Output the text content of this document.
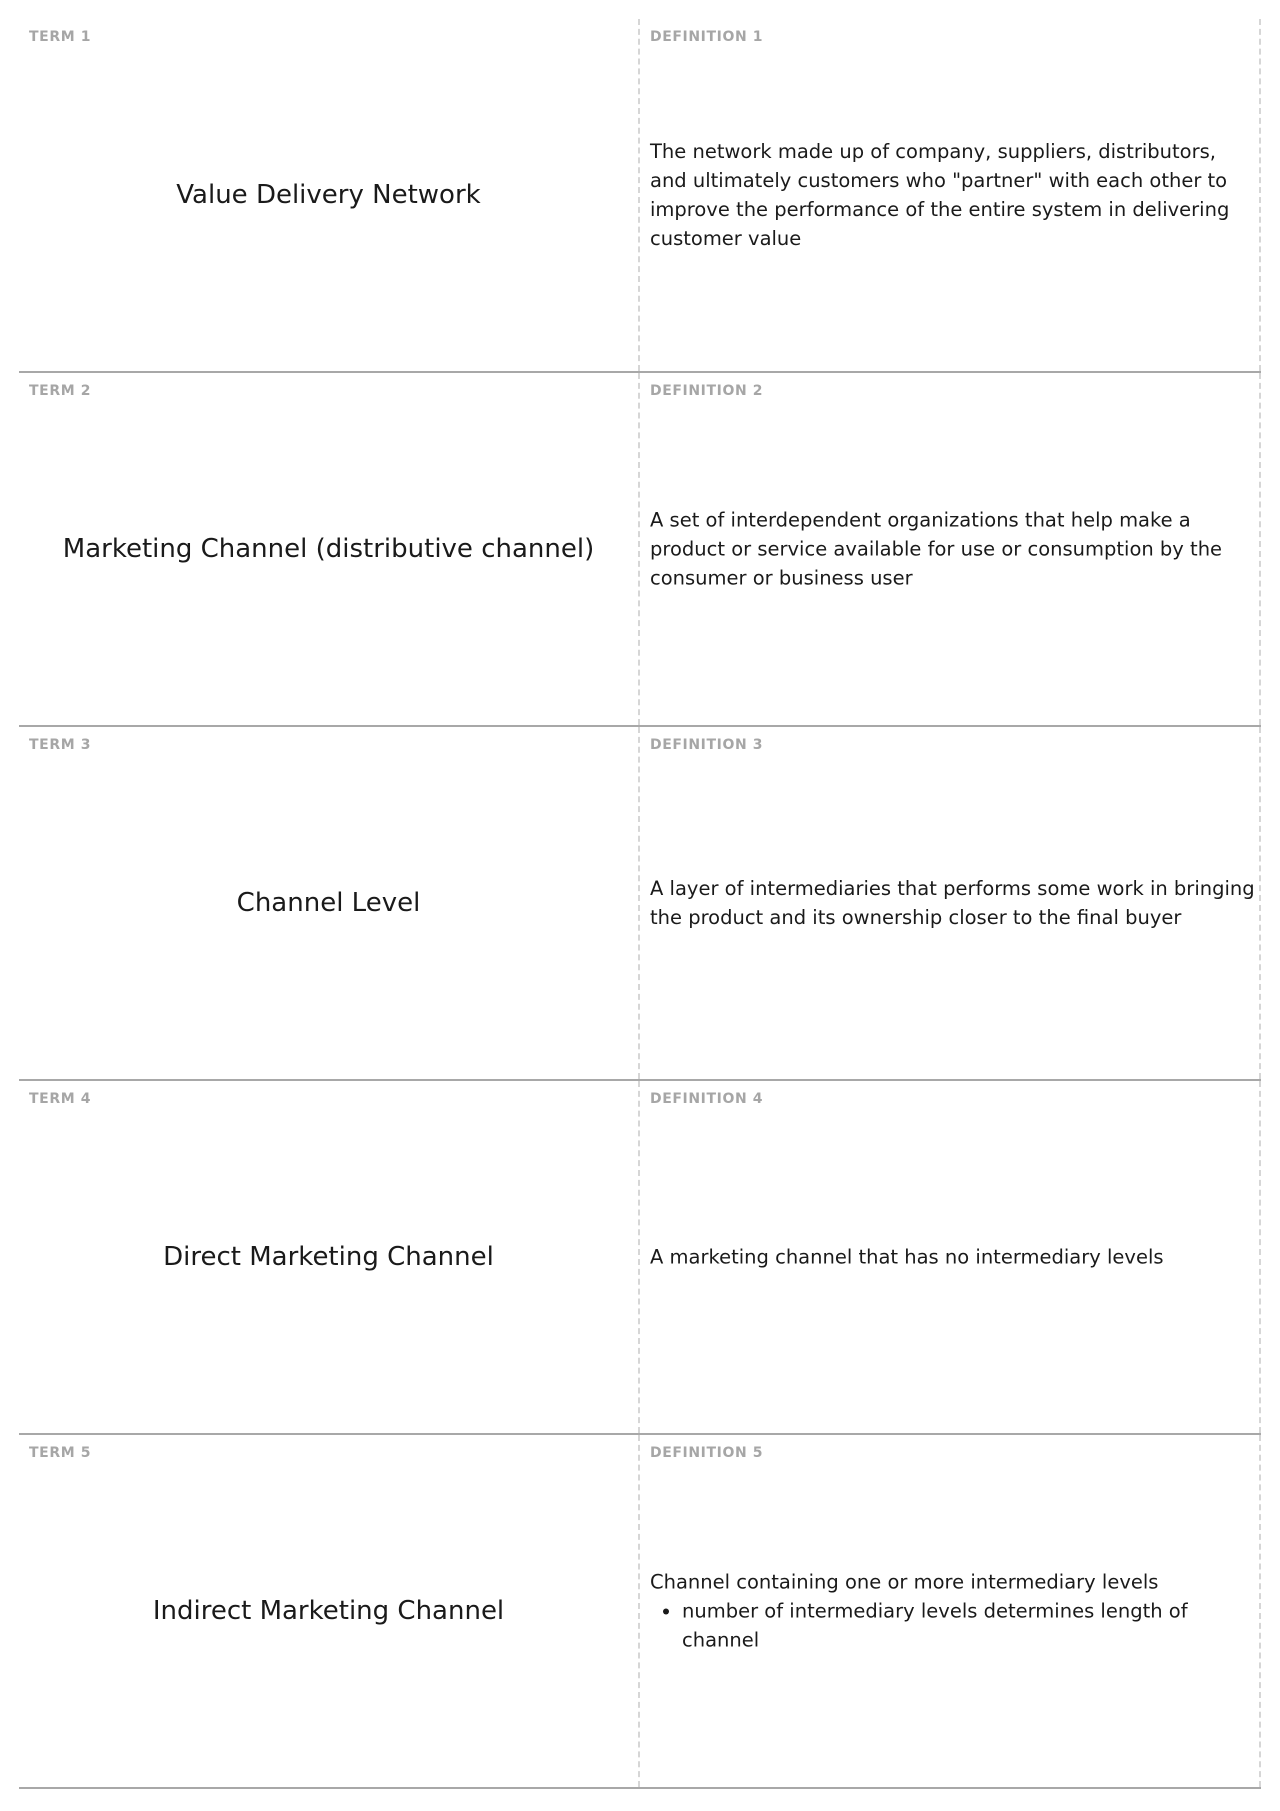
TERM 1
Value Delivery Network
DEFINITION 1

The network made up of company, suppliers, distributors, and ultimately customers who "partner" with each other to improve the performance of the entire system in delivering customer value

TERM 2
Marketing Channel (distributive channel)
DEFINITION 2

A set of interdependent organizations that help make a product or service available for use or consumption by the consumer or business user

TERM 3
Channel Level
DEFINITION 3

A layer of intermediaries that performs some work in bringing the product and its ownership closer to the final buyer

TERM 4
Direct Marketing Channel
DEFINITION 4

A marketing channel that has no intermediary levels

TERM 5
Indirect Marketing Channel
DEFINITION 5

Channel containing one or more intermediary levels

• number of intermediary levels determines length of channel
